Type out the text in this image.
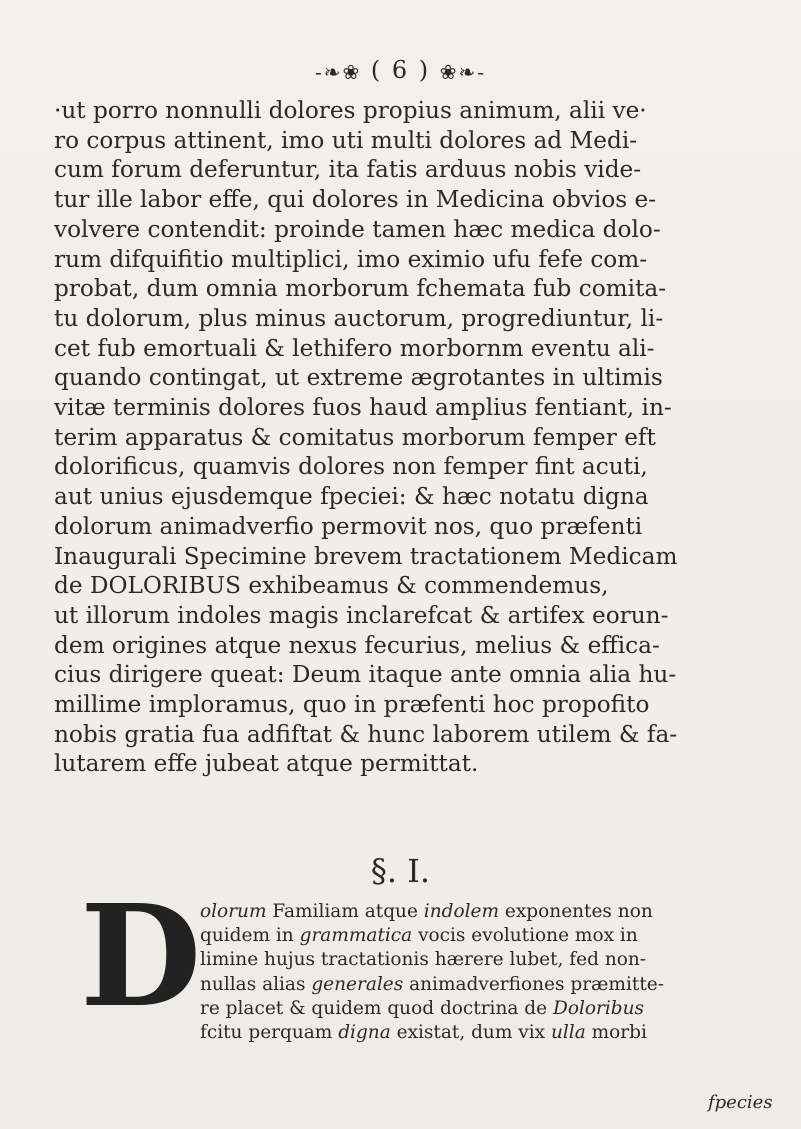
-❧❀ ( 6 ) ❀❧-
·ut porro nonnulli dolores propius animum, alii ve·
ro corpus attinent, imo uti multi dolores ad Medi-
cum forum deferuntur, ita fatis arduus nobis vide-
tur ille labor effe, qui dolores in Medicina obvios e-
volvere contendit: proinde tamen hæc medica dolo-
rum difquifitio multiplici, imo eximio ufu fefe com-
probat, dum omnia morborum fchemata fub comita-
tu dolorum, plus minus auctorum, progrediuntur, li-
cet fub emortuali & lethifero morbornm eventu ali-
quando contingat, ut extreme ægrotantes in ultimis
vitæ terminis dolores fuos haud amplius fentiant, in-
terim apparatus & comitatus morborum femper eft
dolorificus, quamvis dolores non femper fint acuti,
aut unius ejusdemque fpeciei: & hæc notatu digna
dolorum animadverfio permovit nos, quo præfenti
Inaugurali Specimine brevem tractationem Medicam
de DOLORIBUS exhibeamus & commendemus,
ut illorum indoles magis inclarefcat & artifex eorun-
dem origines atque nexus fecurius, melius & effica-
cius dirigere queat: Deum itaque ante omnia alia hu-
millime imploramus, quo in præfenti hoc propofito
nobis gratia fua adfiftat & hunc laborem utilem & fa-
lutarem effe jubeat atque permittat.
§. I.
D
olorum Familiam atque indolem exponentes non
quidem in grammatica vocis evolutione mox in
limine hujus tractationis hærere lubet, fed non-
nullas alias generales animadverfiones præmitte-
re placet & quidem quod doctrina de Doloribus
fcitu perquam digna existat, dum vix ulla morbi
fpecies
